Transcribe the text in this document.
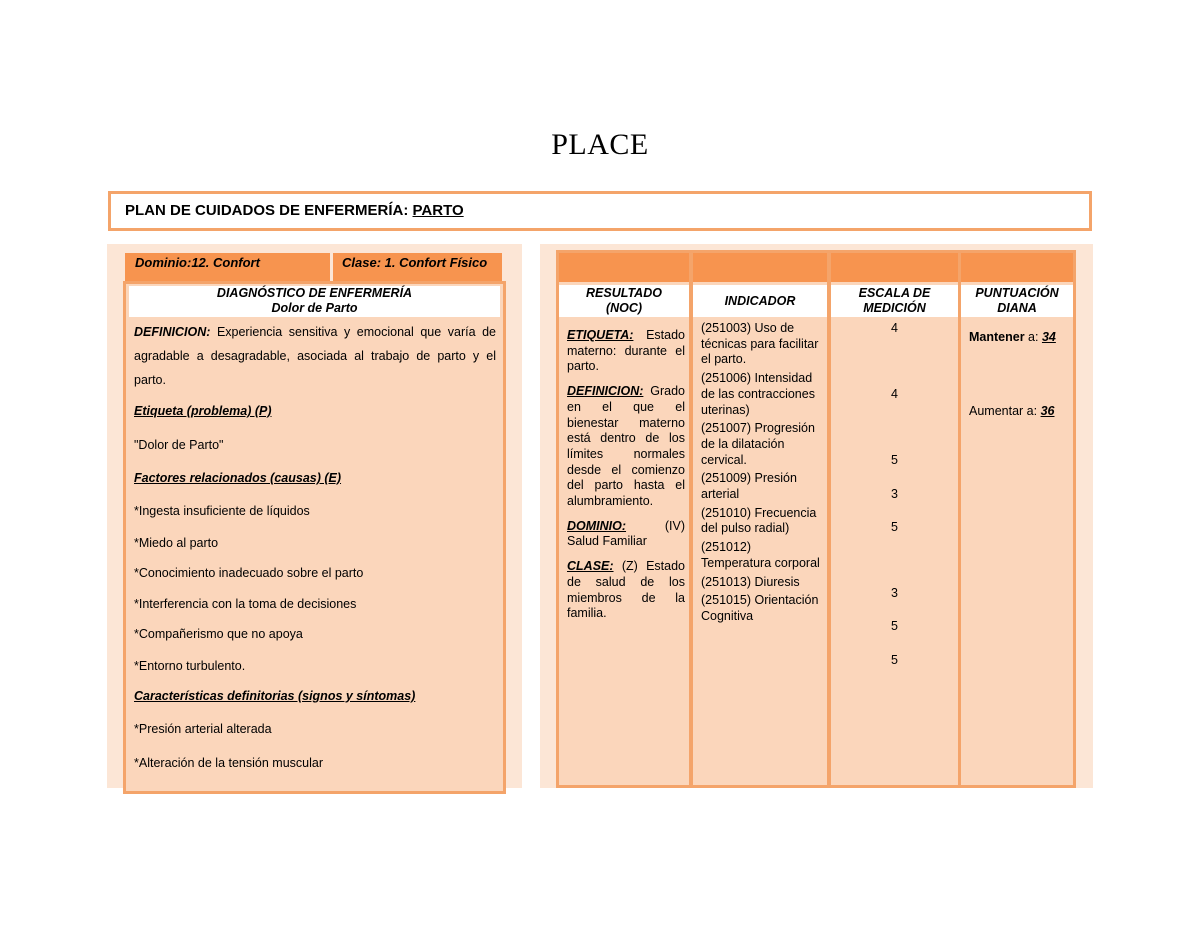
PLACE
PLAN DE CUIDADOS DE ENFERMERÍA: PARTO
Dominio:12. Confort	Clase: 1. Confort Físico
DIAGNÓSTICO DE ENFERMERÍA
Dolor de Parto

DEFINICION: Experiencia sensitiva y emocional que varía de agradable a desagradable, asociada al trabajo de parto y el parto.

Etiqueta (problema) (P)

"Dolor de Parto"

Factores relacionados (causas) (E)

*Ingesta insuficiente de líquidos

*Miedo al parto

*Conocimiento inadecuado sobre el parto

*Interferencia con la toma de decisiones

*Compañerismo que no apoya

*Entorno turbulento.

Características definitorias (signos y síntomas)

*Presión arterial alterada

*Alteración de la tensión muscular

RESULTADO (NOC)
ETIQUETA: Estado materno: durante el parto.
DEFINICION: Grado en el que el bienestar materno está dentro de los límites normales desde el comienzo del parto hasta el alumbramiento.
DOMINIO: (IV) Salud Familiar
CLASE: (Z) Estado de salud de los miembros de la familia.
INDICADOR
(251003) Uso de técnicas para facilitar el parto.
(251006) Intensidad de las contracciones uterinas)
(251007) Progresión de la dilatación cervical.
(251009) Presión arterial
(251010) Frecuencia del pulso radial)
(251012) Temperatura corporal
(251013) Diuresis
(251015) Orientación Cognitiva
ESCALA DE MEDICIÓN
4
4
5
3
5
3
5
5
PUNTUACIÓN DIANA
Mantener a: 34
Aumentar a: 36
